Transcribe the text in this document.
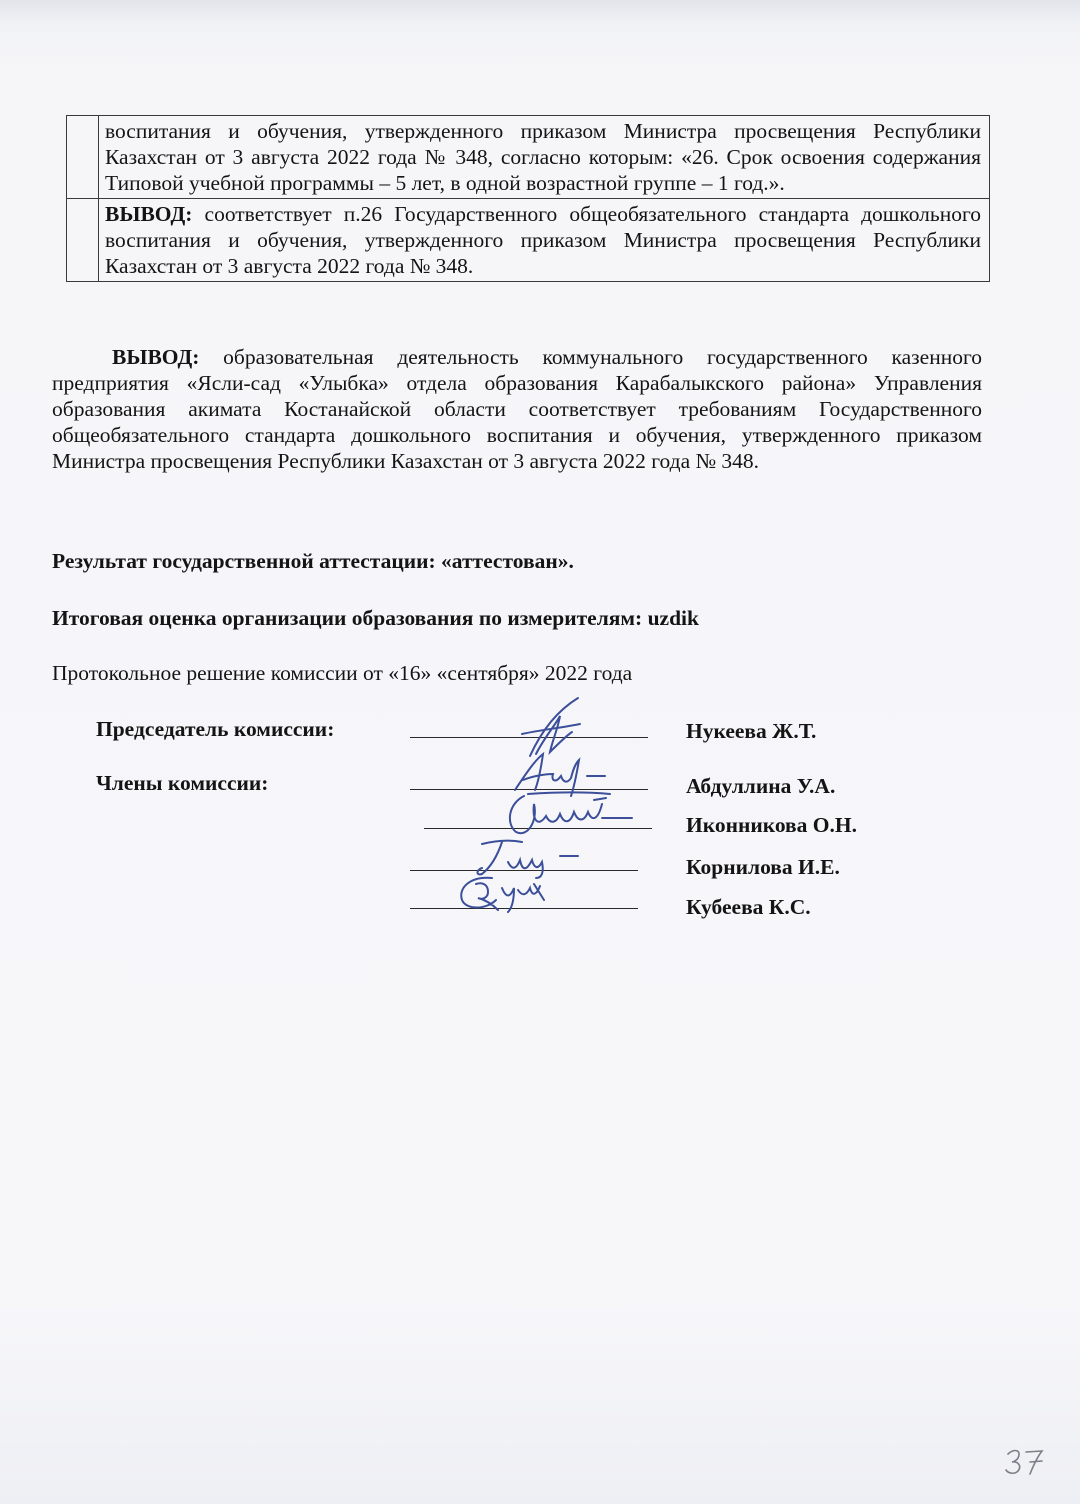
	воспитания и обучения, утвержденного приказом Министра просвещения Республики Казахстан от 3 августа 2022 года № 348, согласно которым: «26. Срок освоения содержания Типовой учебной программы – 5 лет, в одной возрастной группе – 1 год.».
	ВЫВОД: соответствует п.26 Государственного общеобязательного стандарта дошкольного воспитания и обучения, утвержденного приказом Министра просвещения Республики Казахстан от 3 августа 2022 года № 348.

ВЫВОД: образовательная деятельность коммунального государственного казенного предприятия «Ясли-сад «Улыбка» отдела образования Карабалыкского района» Управления образования акимата Костанайской области соответствует требованиям Государственного общеобязательного стандарта дошкольного воспитания и обучения, утвержденного приказом Министра просвещения Республики Казахстан от 3 августа 2022 года № 348.

Результат государственной аттестации: «аттестован».

Итоговая оценка организации образования по измерителям: uzdik

Протокольное решение комиссии от «16» «сентября» 2022 года

Председатель комиссии:

Члены комиссии:

Нукеева Ж.Т.

Абдуллина У.А.

Иконникова О.Н.

Корнилова И.Е.

Кубеева К.С.
